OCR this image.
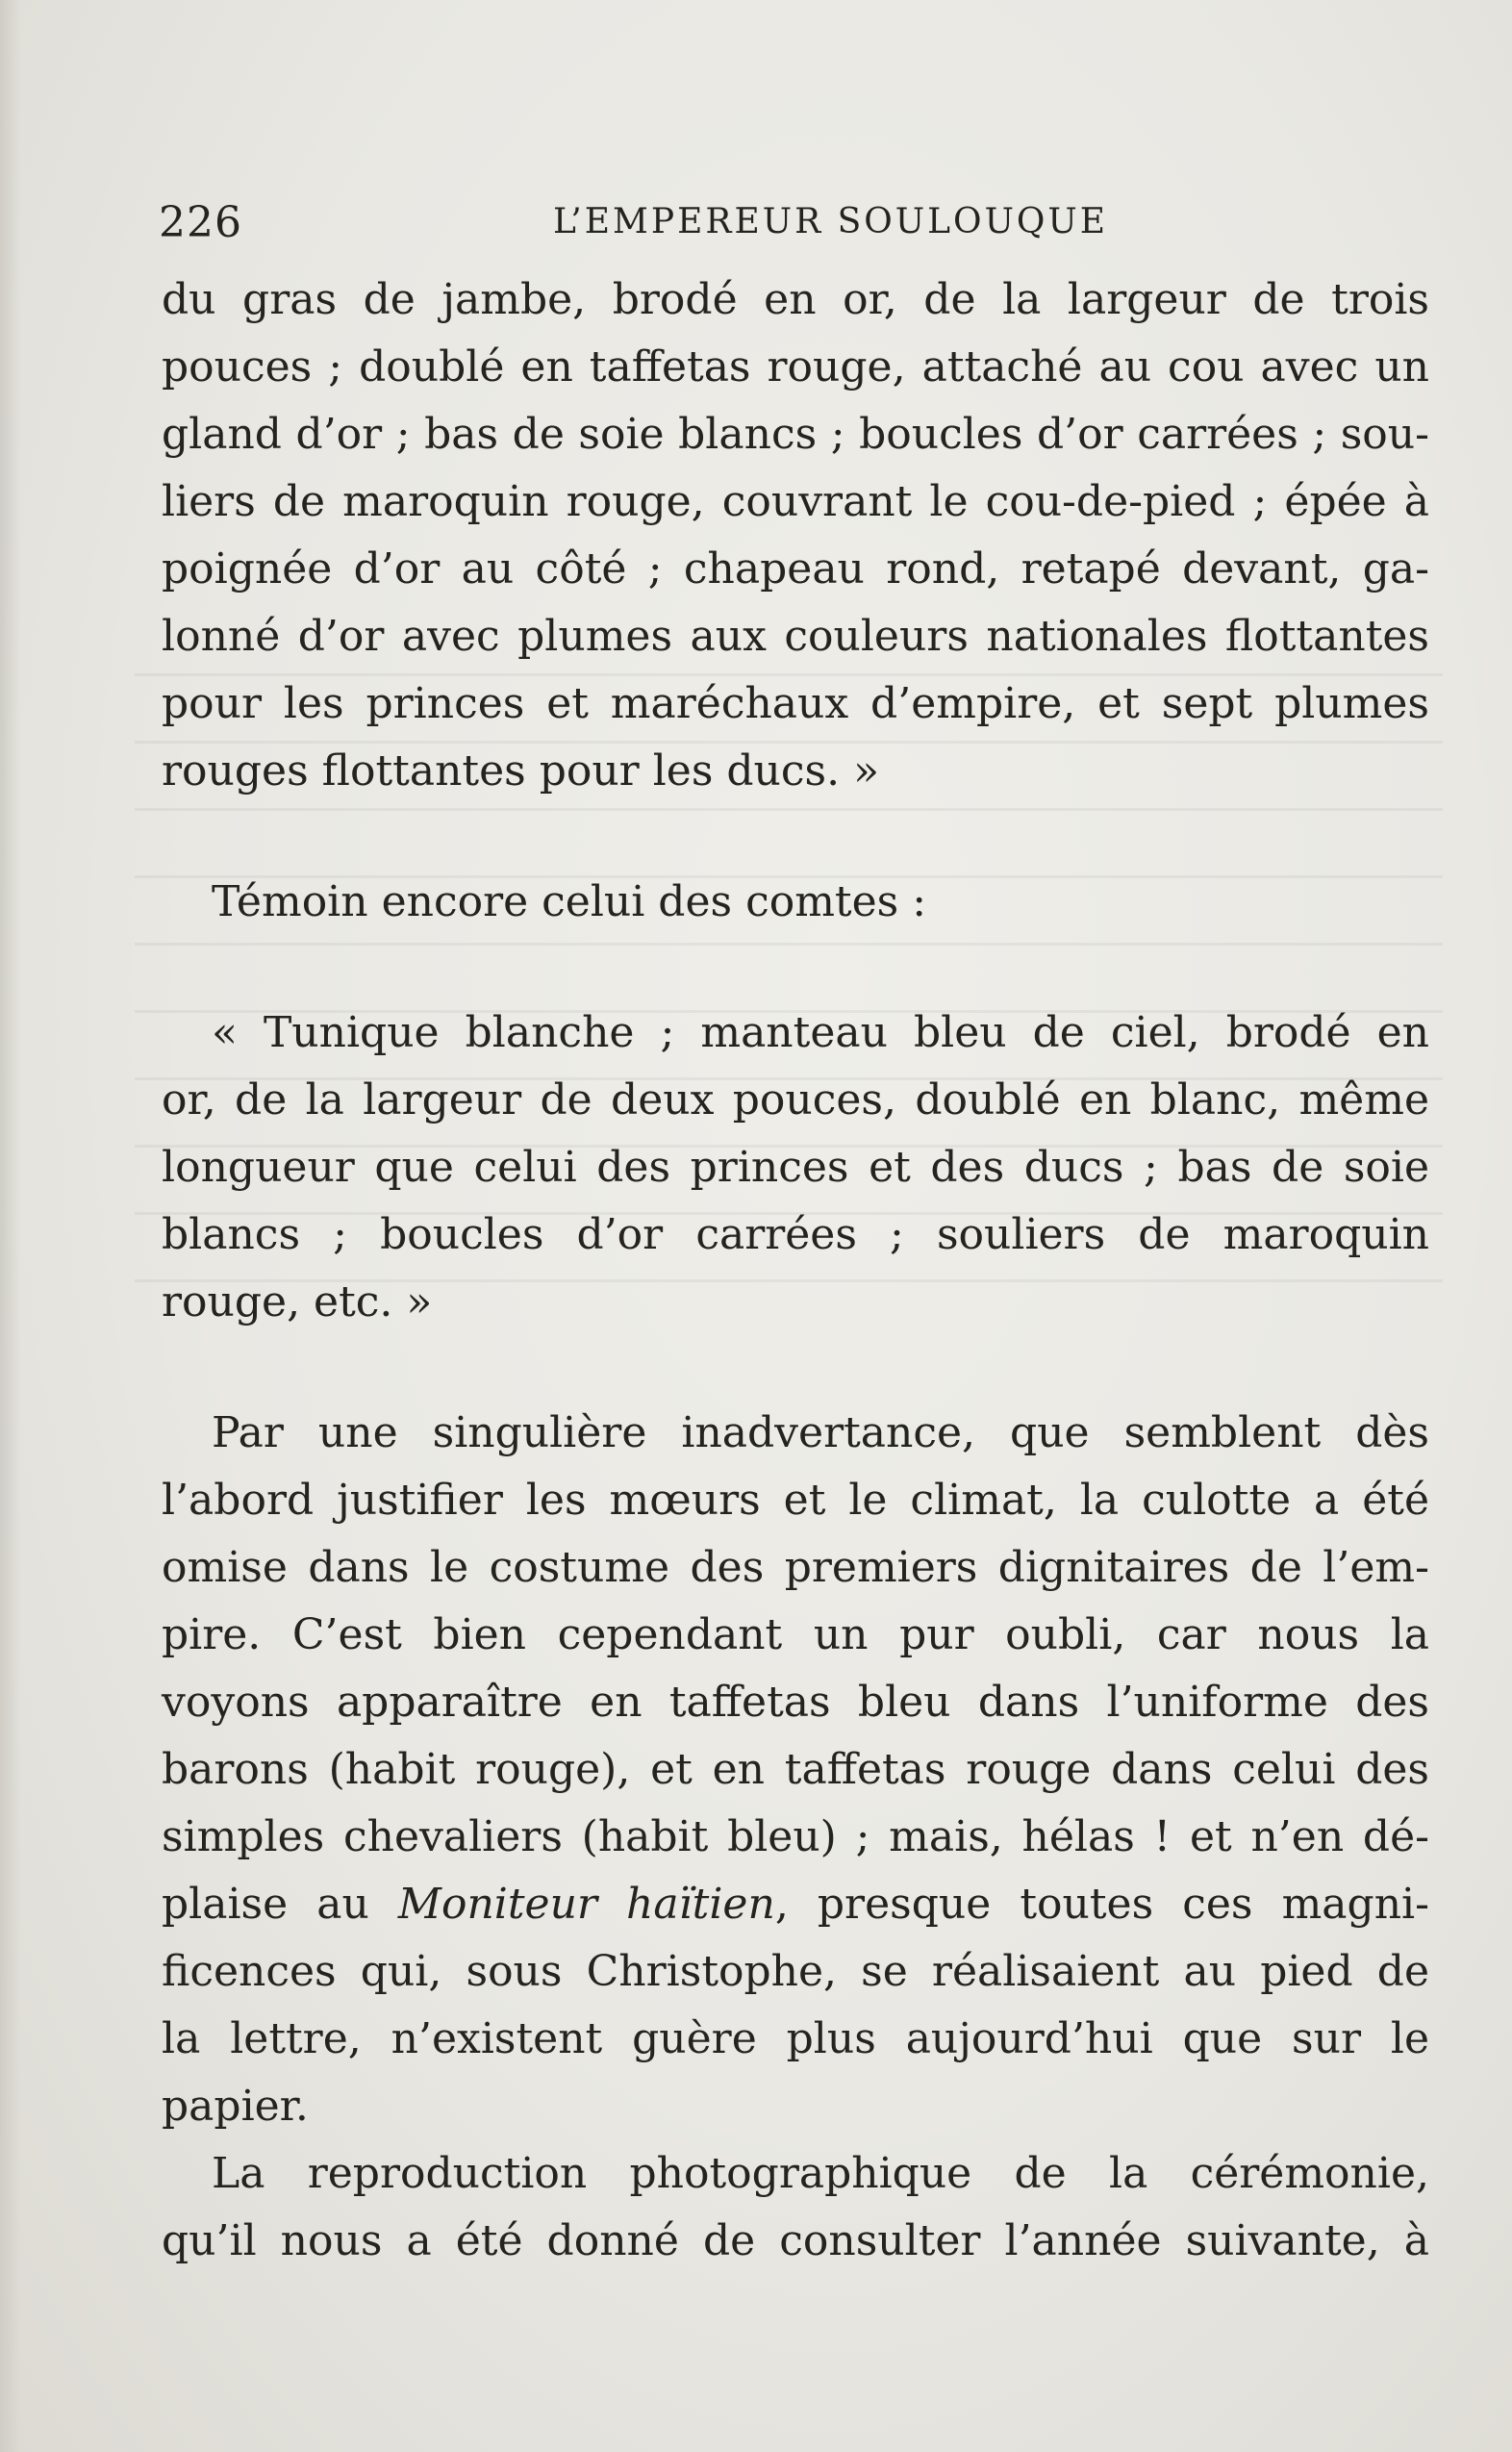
226	L’EMPEREUR SOULOUQUE
du gras de jambe, brodé en or, de la largeur de trois
pouces ; doublé en taffetas rouge, attaché au cou avec un
gland d’or ; bas de soie blancs ; boucles d’or carrées ; sou-
liers de maroquin rouge, couvrant le cou-de-pied ; épée à
poignée d’or au côté ; chapeau rond, retapé devant, ga-
lonné d’or avec plumes aux couleurs nationales flottantes
pour les princes et maréchaux d’empire, et sept plumes
rouges flottantes pour les ducs. »
Témoin encore celui des comtes :
« Tunique blanche ; manteau bleu de ciel, brodé en
or, de la largeur de deux pouces, doublé en blanc, même
longueur que celui des princes et des ducs ; bas de soie
blancs ; boucles d’or carrées ; souliers de maroquin
rouge, etc. »
Par une singulière inadvertance, que semblent dès
l’abord justifier les mœurs et le climat, la culotte a été
omise dans le costume des premiers dignitaires de l’em-
pire. C’est bien cependant un pur oubli, car nous la
voyons apparaître en taffetas bleu dans l’uniforme des
barons (habit rouge), et en taffetas rouge dans celui des
simples chevaliers (habit bleu) ; mais, hélas ! et n’en dé-
plaise au Moniteur haïtien, presque toutes ces magni-
ficences qui, sous Christophe, se réalisaient au pied de
la lettre, n’existent guère plus aujourd’hui que sur le
papier.
La reproduction photographique de la cérémonie,
qu’il nous a été donné de consulter l’année suivante, à
